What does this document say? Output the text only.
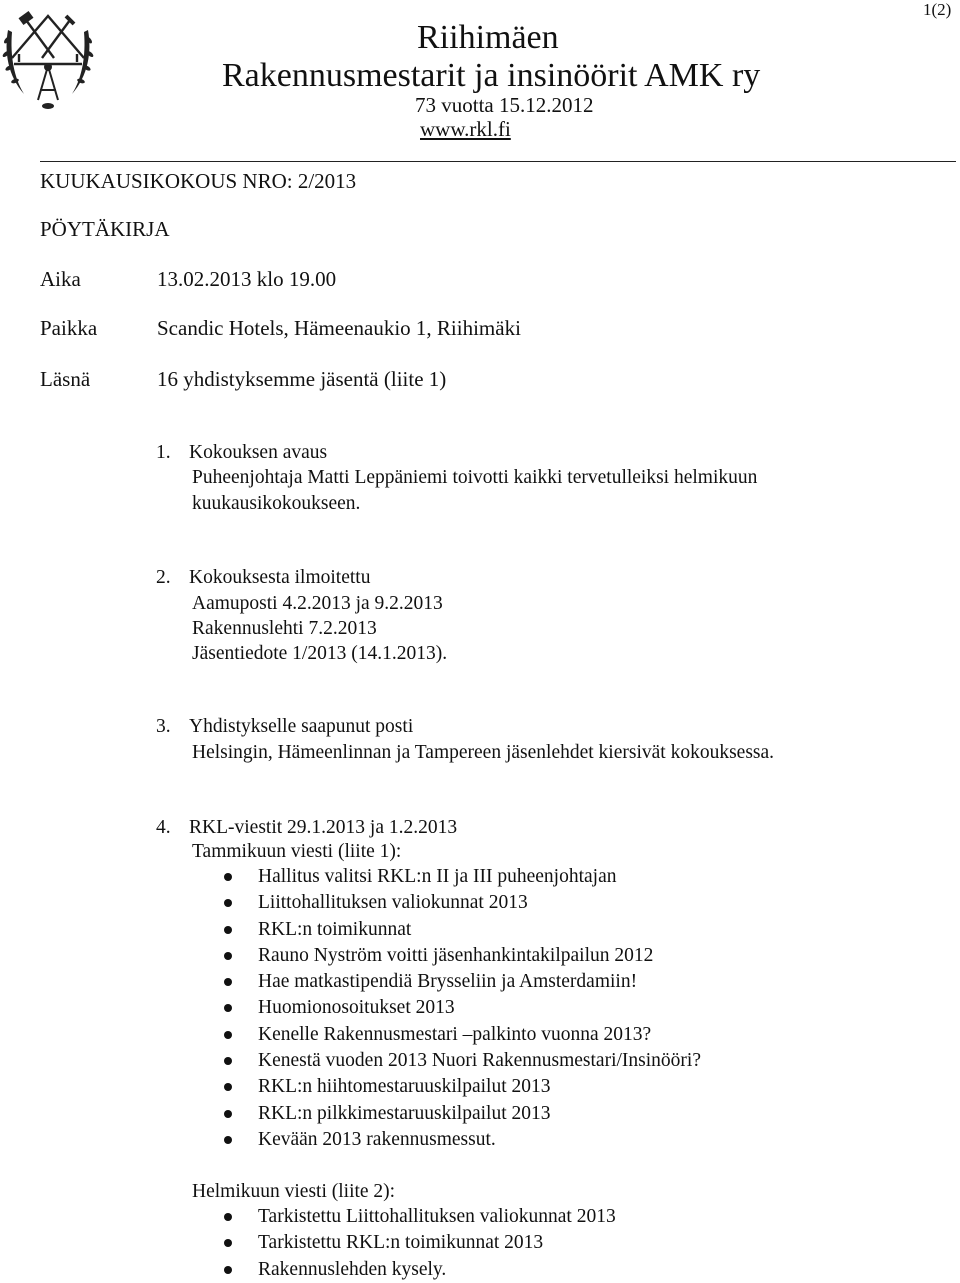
1(2)
Riihimäen
Rakennusmestarit ja insinöörit AMK ry
73 vuotta 15.12.2012
www.rkl.fi
KUUKAUSIKOKOUS NRO: 2/2013
PÖYTÄKIRJA
Aika	13.02.2013 klo 19.00
Paikka	Scandic Hotels, Hämeenaukio 1, Riihimäki
Läsnä	16 yhdistyksemme jäsentä (liite 1)
1. Kokouksen avaus
Puheenjohtaja Matti Leppäniemi toivotti kaikki tervetulleiksi helmikuun
kuukausikokoukseen.
2. Kokouksesta ilmoitettu
Aamuposti 4.2.2013 ja 9.2.2013
Rakennuslehti 7.2.2013
Jäsentiedote 1/2013 (14.1.2013).
3. Yhdistykselle saapunut posti
Helsingin, Hämeenlinnan ja Tampereen jäsenlehdet kiersivät kokouksessa.
4. RKL-viestit 29.1.2013 ja 1.2.2013
Tammikuun viesti (liite 1):
Hallitus valitsi RKL:n II ja III puheenjohtajan
Liittohallituksen valiokunnat 2013
RKL:n toimikunnat
Rauno Nyström voitti jäsenhankintakilpailun 2012
Hae matkastipendiä Brysseliin ja Amsterdamiin!
Huomionosoitukset 2013
Kenelle Rakennusmestari –palkinto vuonna 2013?
Kenestä vuoden 2013 Nuori Rakennusmestari/Insinööri?
RKL:n hiihtomestaruuskilpailut 2013
RKL:n pilkkimestaruuskilpailut 2013
Kevään 2013 rakennusmessut.
Helmikuun viesti (liite 2):
Tarkistettu Liittohallituksen valiokunnat 2013
Tarkistettu RKL:n toimikunnat 2013
Rakennuslehden kysely.
